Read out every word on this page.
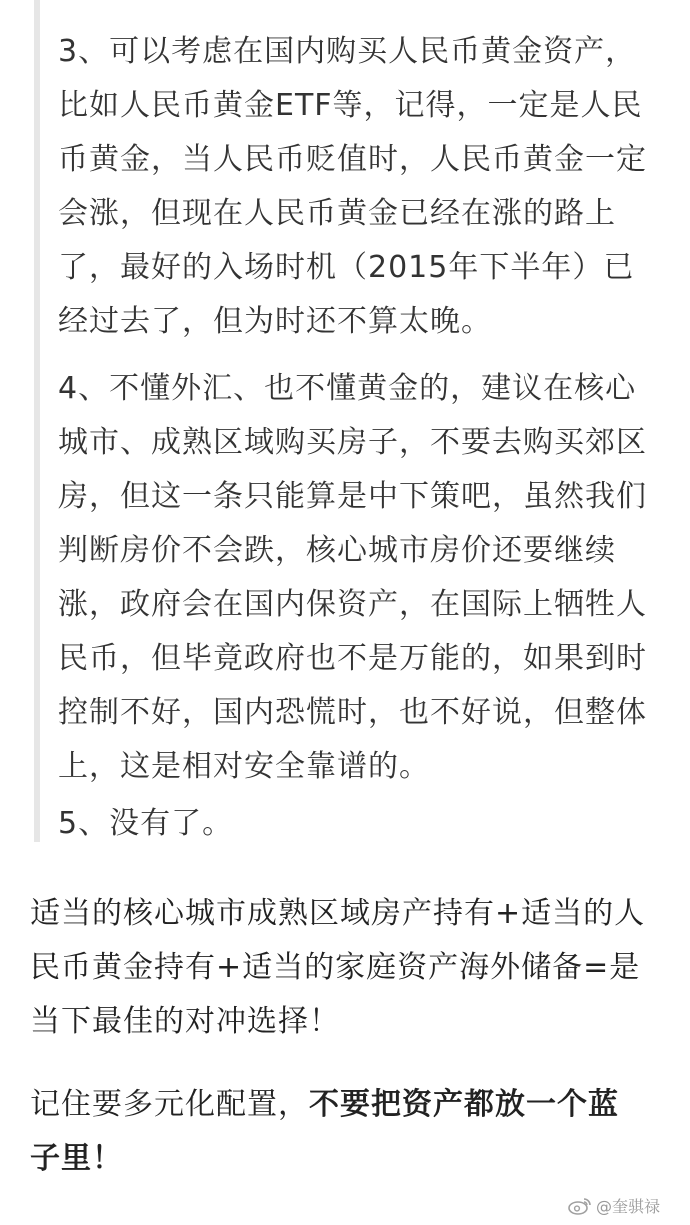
3、可以考虑在国内购买人民币黄金资产，
比如人民币黄金ETF等，记得，一定是人民
币黄金，当人民币贬值时，人民币黄金一定
会涨，但现在人民币黄金已经在涨的路上
了，最好的入场时机（2015年下半年）已
经过去了，但为时还不算太晚。

4、不懂外汇、也不懂黄金的，建议在核心
城市、成熟区域购买房子，不要去购买郊区
房，但这一条只能算是中下策吧，虽然我们
判断房价不会跌，核心城市房价还要继续
涨，政府会在国内保资产，在国际上牺牲人
民币，但毕竟政府也不是万能的，如果到时
控制不好，国内恐慌时，也不好说，但整体
上，这是相对安全靠谱的。

5、没有了。

适当的核心城市成熟区域房产持有+适当的人
民币黄金持有+适当的家庭资产海外储备=是
当下最佳的对冲选择！

记住要多元化配置，不要把资产都放一个蓝
子里！

@奎骐禄
